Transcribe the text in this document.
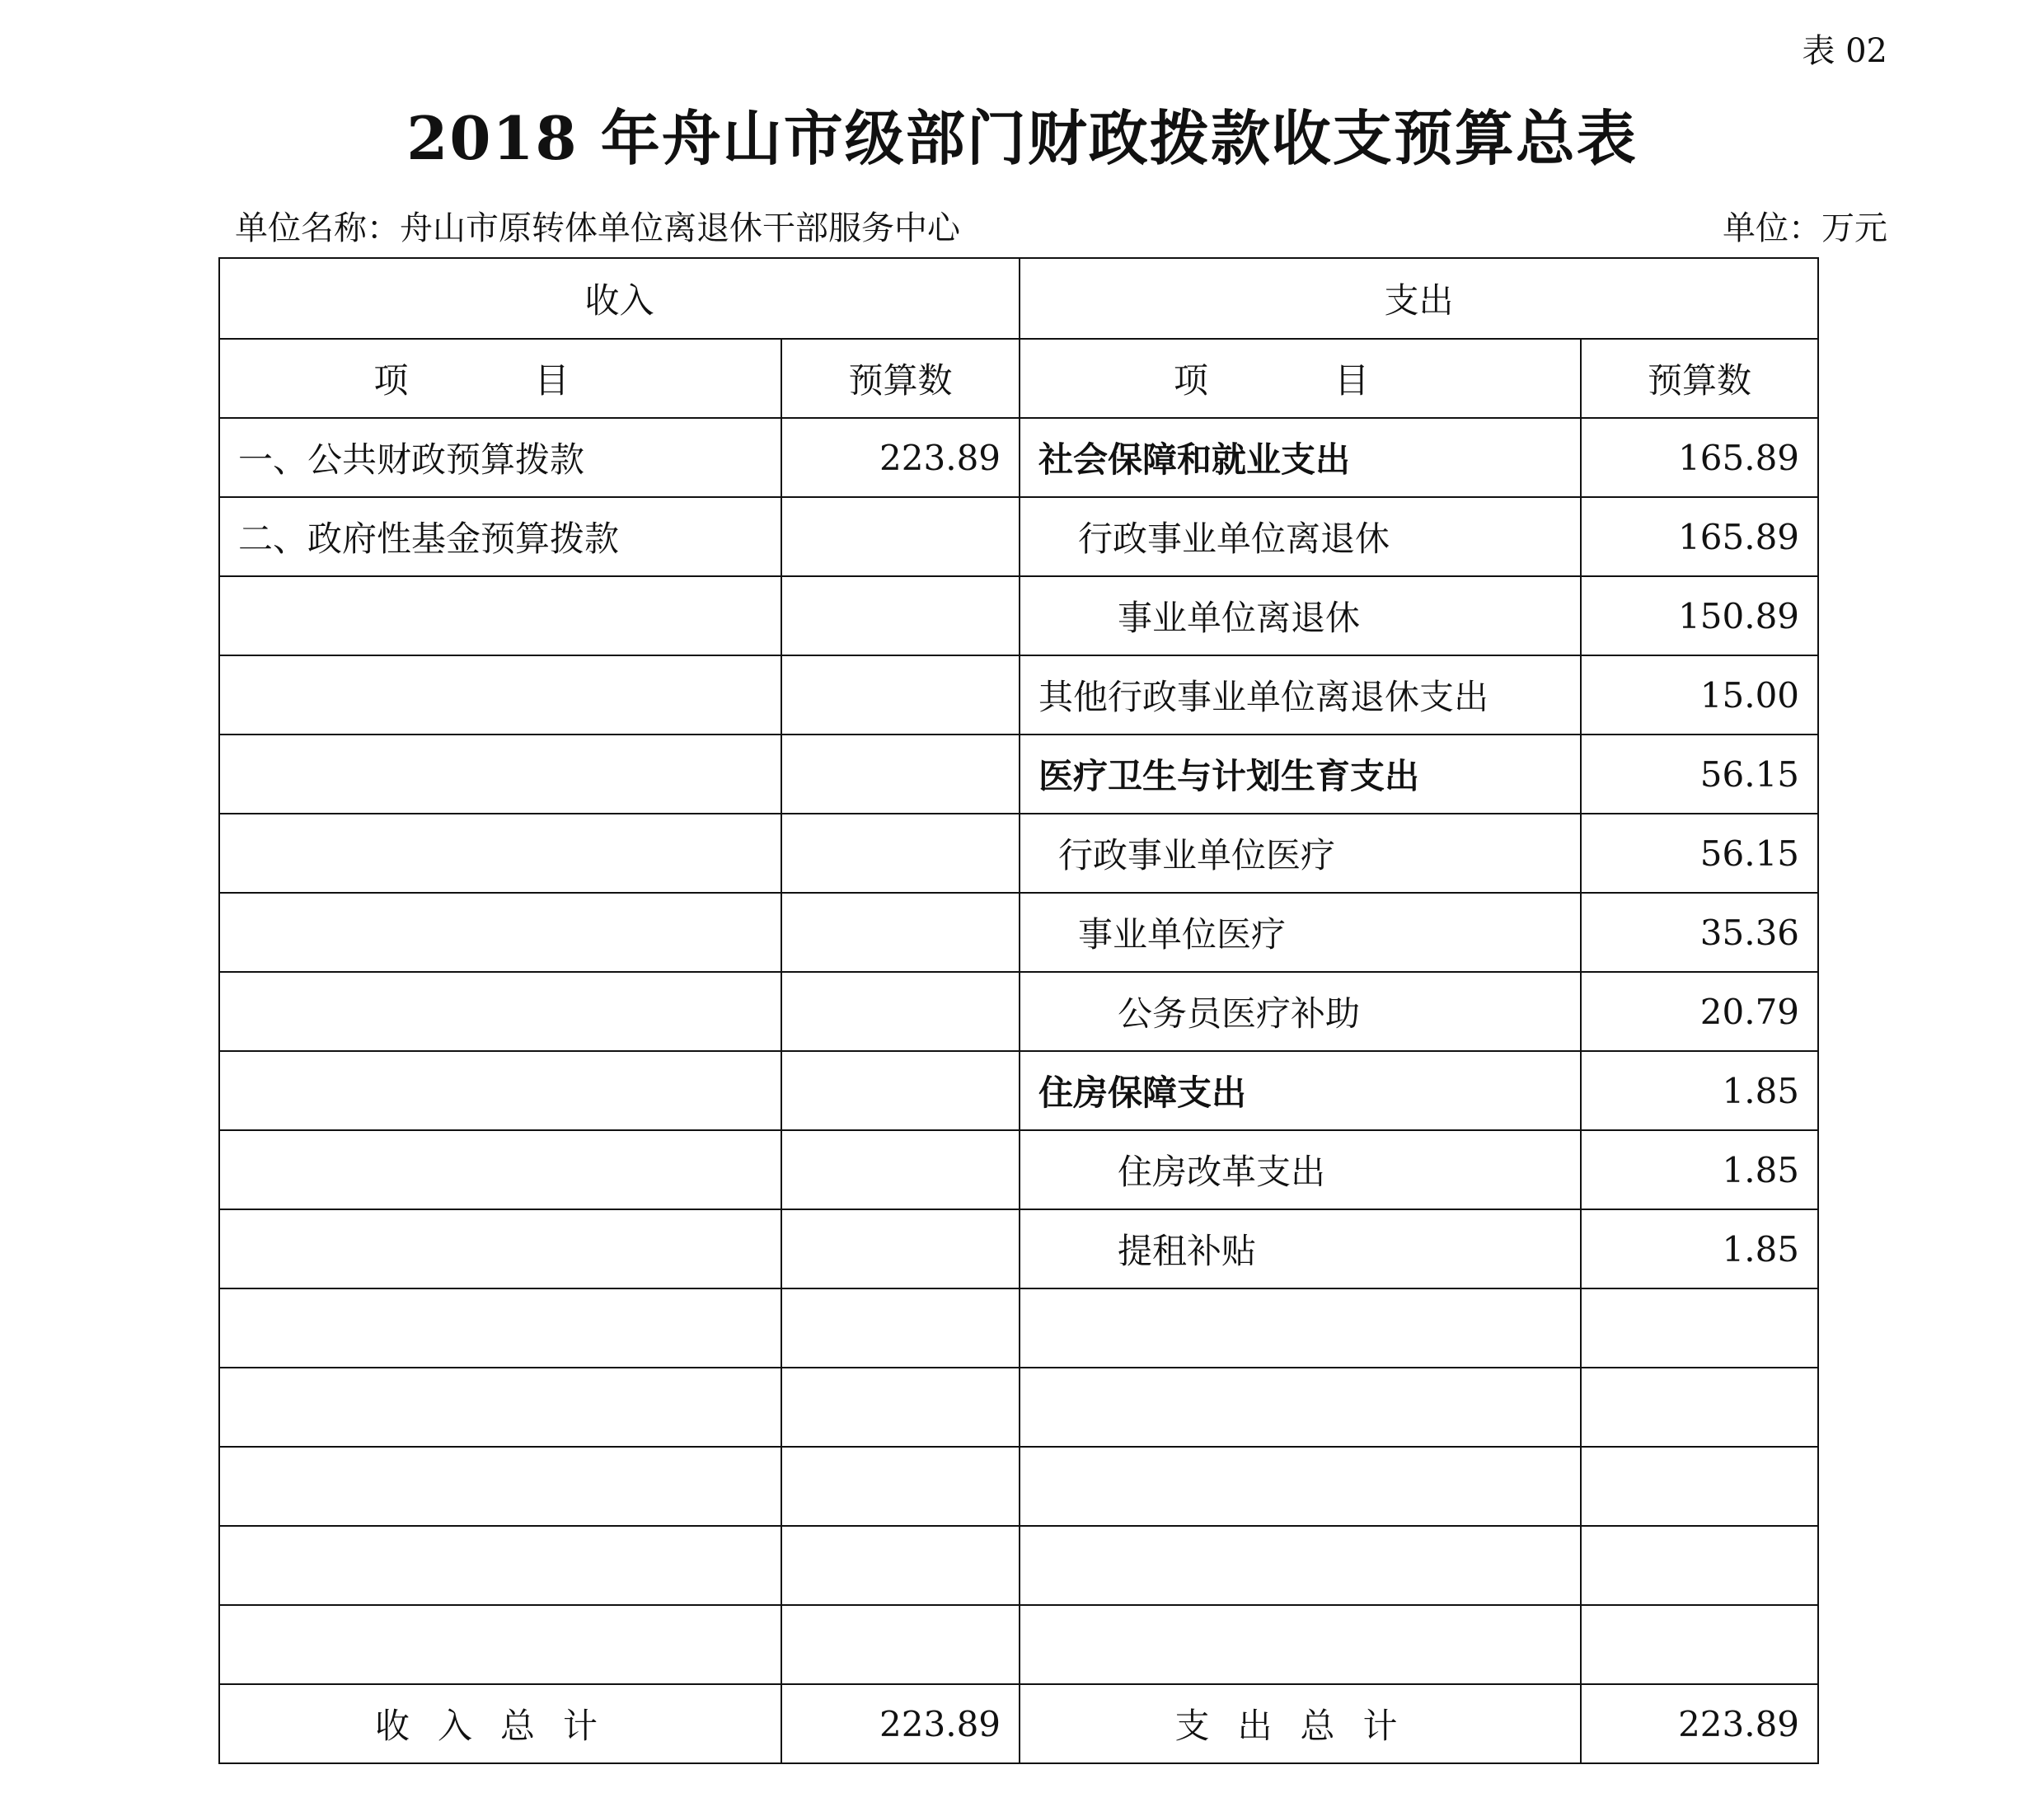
表 02
2018 年舟山市级部门财政拨款收支预算总表
单位名称：舟山市原转体单位离退休干部服务中心	单位：万元
收入		支出	
项 目	预算数	项 目	预算数
一、公共财政预算拨款	223.89	社会保障和就业支出	165.89
二、政府性基金预算拨款		行政事业单位离退休	165.89
		事业单位离退休	150.89
		其他行政事业单位离退休支出	15.00
		医疗卫生与计划生育支出	56.15
		行政事业单位医疗	56.15
		事业单位医疗	35.36
		公务员医疗补助	20.79
		住房保障支出	1.85
		住房改革支出	1.85
		提租补贴	1.85

收入总计	223.89	支出总计	223.89
